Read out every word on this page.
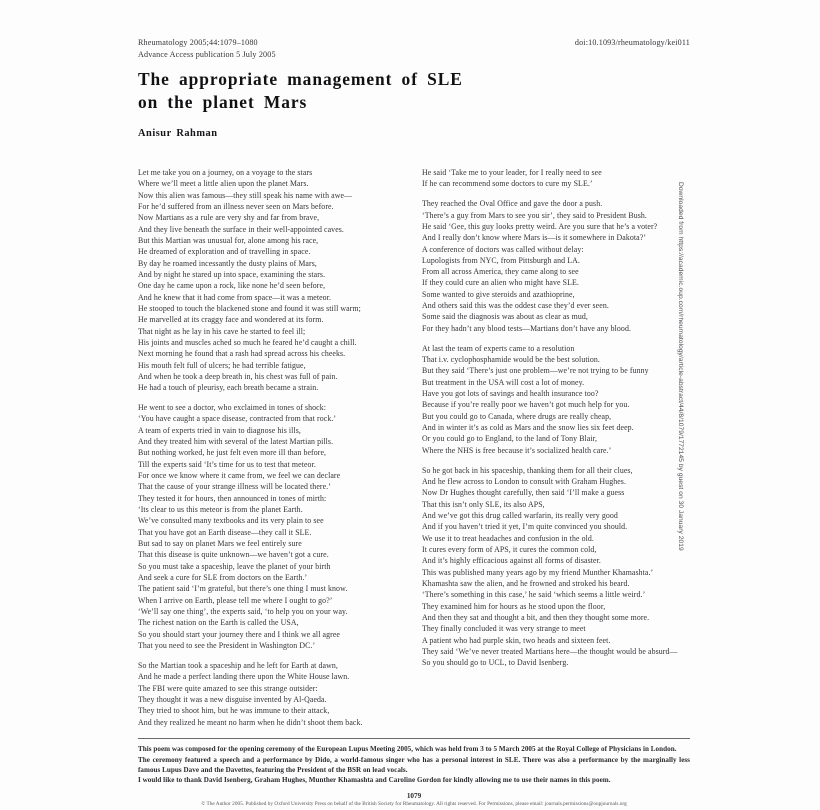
Downloaded from https://academic.oup.com/rheumatology/article-abstract/44/8/1079/1772145 by guest on 30 January 2019
Rheumatology 2005;44:1079–1080	doi:10.1093/rheumatology/kei011
Advance Access publication 5 July 2005
The appropriate management of SLE on the planet Mars
Anisur Rahman
Let me take you on a journey, on a voyage to the stars
Where we’ll meet a little alien upon the planet Mars.
Now this alien was famous—they still speak his name with awe—
For he’d suffered from an illness never seen on Mars before.
Now Martians as a rule are very shy and far from brave,
And they live beneath the surface in their well-appointed caves.
But this Martian was unusual for, alone among his race,
He dreamed of exploration and of travelling in space.
By day he roamed incessantly the dusty plains of Mars,
And by night he stared up into space, examining the stars.
One day he came upon a rock, like none he’d seen before,
And he knew that it had come from space—it was a meteor.
He stooped to touch the blackened stone and found it was still warm;
He marvelled at its craggy face and wondered at its form.
That night as he lay in his cave he started to feel ill;
His joints and muscles ached so much he feared he’d caught a chill.
Next morning he found that a rash had spread across his cheeks.
His mouth felt full of ulcers; he had terrible fatigue,
And when he took a deep breath in, his chest was full of pain.
He had a touch of pleurisy, each breath became a strain.
He went to see a doctor, who exclaimed in tones of shock:
‘You have caught a space disease, contracted from that rock.’
A team of experts tried in vain to diagnose his ills,
And they treated him with several of the latest Martian pills.
But nothing worked, he just felt even more ill than before,
Till the experts said ‘It’s time for us to test that meteor.
For once we know where it came from, we feel we can declare
That the cause of your strange illness will be located there.’
They tested it for hours, then announced in tones of mirth:
‘Its clear to us this meteor is from the planet Earth.
We’ve consulted many textbooks and its very plain to see
That you have got an Earth disease—they call it SLE.
But sad to say on planet Mars we feel entirely sure
That this disease is quite unknown—we haven’t got a cure.
So you must take a spaceship, leave the planet of your birth
And seek a cure for SLE from doctors on the Earth.’
The patient said ‘I’m grateful, but there’s one thing I must know.
When I arrive on Earth, please tell me where I ought to go?’
‘We’ll say one thing’, the experts said, ‘to help you on your way.
The richest nation on the Earth is called the USA,
So you should start your journey there and I think we all agree
That you need to see the President in Washington DC.’
So the Martian took a spaceship and he left for Earth at dawn,
And he made a perfect landing there upon the White House lawn.
The FBI were quite amazed to see this strange outsider:
They thought it was a new disguise invented by Al-Qaeda.
They tried to shoot him, but he was immune to their attack,
And they realized he meant no harm when he didn’t shoot them back.
He said ‘Take me to your leader, for I really need to see
If he can recommend some doctors to cure my SLE.’
They reached the Oval Office and gave the door a push.
‘There’s a guy from Mars to see you sir’, they said to President Bush.
He said ‘Gee, this guy looks pretty weird. Are you sure that he’s a voter?
And I really don’t know where Mars is—is it somewhere in Dakota?’
A conference of doctors was called without delay:
Lupologists from NYC, from Pittsburgh and LA.
From all across America, they came along to see
If they could cure an alien who might have SLE.
Some wanted to give steroids and azathioprine,
And others said this was the oddest case they’d ever seen.
Some said the diagnosis was about as clear as mud,
For they hadn’t any blood tests—Martians don’t have any blood.
At last the team of experts came to a resolution
That i.v. cyclophosphamide would be the best solution.
But they said ‘There’s just one problem—we’re not trying to be funny
But treatment in the USA will cost a lot of money.
Have you got lots of savings and health insurance too?
Because if you’re really poor we haven’t got much help for you.
But you could go to Canada, where drugs are really cheap,
And in winter it’s as cold as Mars and the snow lies six feet deep.
Or you could go to England, to the land of Tony Blair,
Where the NHS is free because it’s socialized health care.’
So he got back in his spaceship, thanking them for all their clues,
And he flew across to London to consult with Graham Hughes.
Now Dr Hughes thought carefully, then said ‘I’ll make a guess
That this isn’t only SLE, its also APS,
And we’ve got this drug called warfarin, its really very good
And if you haven’t tried it yet, I’m quite convinced you should.
We use it to treat headaches and confusion in the old.
It cures every form of APS, it cures the common cold,
And it’s highly efficacious against all forms of disaster.
This was published many years ago by my friend Munther Khamashta.’
Khamashta saw the alien, and he frowned and stroked his beard.
‘There’s something in this case,’ he said ‘which seems a little weird.’
They examined him for hours as he stood upon the floor,
And then they sat and thought a bit, and then they thought some more.
They finally concluded it was very strange to meet
A patient who had purple skin, two heads and sixteen feet.
They said ‘We’ve never treated Martians here—the thought would be absurd—
So you should go to UCL, to David Isenberg.

This poem was composed for the opening ceremony of the European Lupus Meeting 2005, which was held from 3 to 5 March 2005 at the Royal College of Physicians in London.

The ceremony featured a speech and a performance by Dido, a world-famous singer who has a personal interest in SLE. There was also a performance by the marginally less famous Lupus Dave and the Davettes, featuring the President of the BSR on lead vocals.

I would like to thank David Isenberg, Graham Hughes, Munther Khamashta and Caroline Gordon for kindly allowing me to use their names in this poem.

1079
© The Author 2005. Published by Oxford University Press on behalf of the British Society for Rheumatology. All rights reserved. For Permissions, please email: journals.permissions@oupjournals.org
